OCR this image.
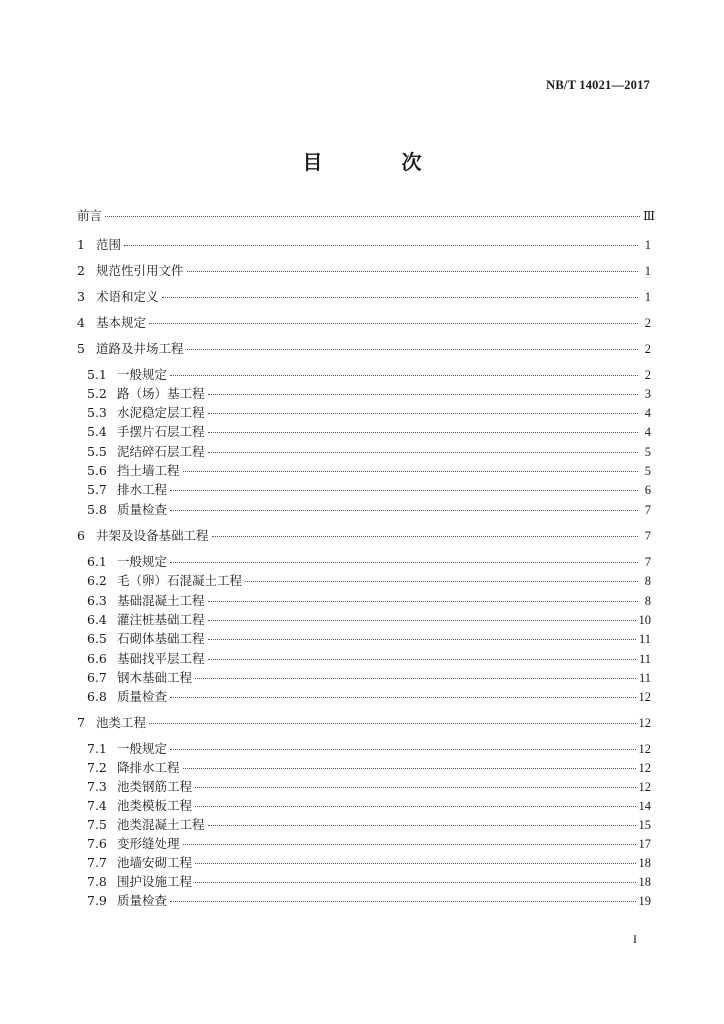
NB/T 14021—2017
目 次
前言	Ⅲ
1 范围	1
2 规范性引用文件	1
3 术语和定义	1
4 基本规定	2
5 道路及井场工程	2
5.1 一般规定	2
5.2 路（场）基工程	3
5.3 水泥稳定层工程	4
5.4 手摆片石层工程	4
5.5 泥结碎石层工程	5
5.6 挡土墙工程	5
5.7 排水工程	6
5.8 质量检查	7
6 井架及设备基础工程	7
6.1 一般规定	7
6.2 毛（卵）石混凝土工程	8
6.3 基础混凝土工程	8
6.4 灌注桩基础工程	10
6.5 石砌体基础工程	11
6.6 基础找平层工程	11
6.7 钢木基础工程	11
6.8 质量检查	12
7 池类工程	12
7.1 一般规定	12
7.2 降排水工程	12
7.3 池类钢筋工程	12
7.4 池类模板工程	14
7.5 池类混凝土工程	15
7.6 变形缝处理	17
7.7 池墙安砌工程	18
7.8 围护设施工程	18
7.9 质量检查	19
I
